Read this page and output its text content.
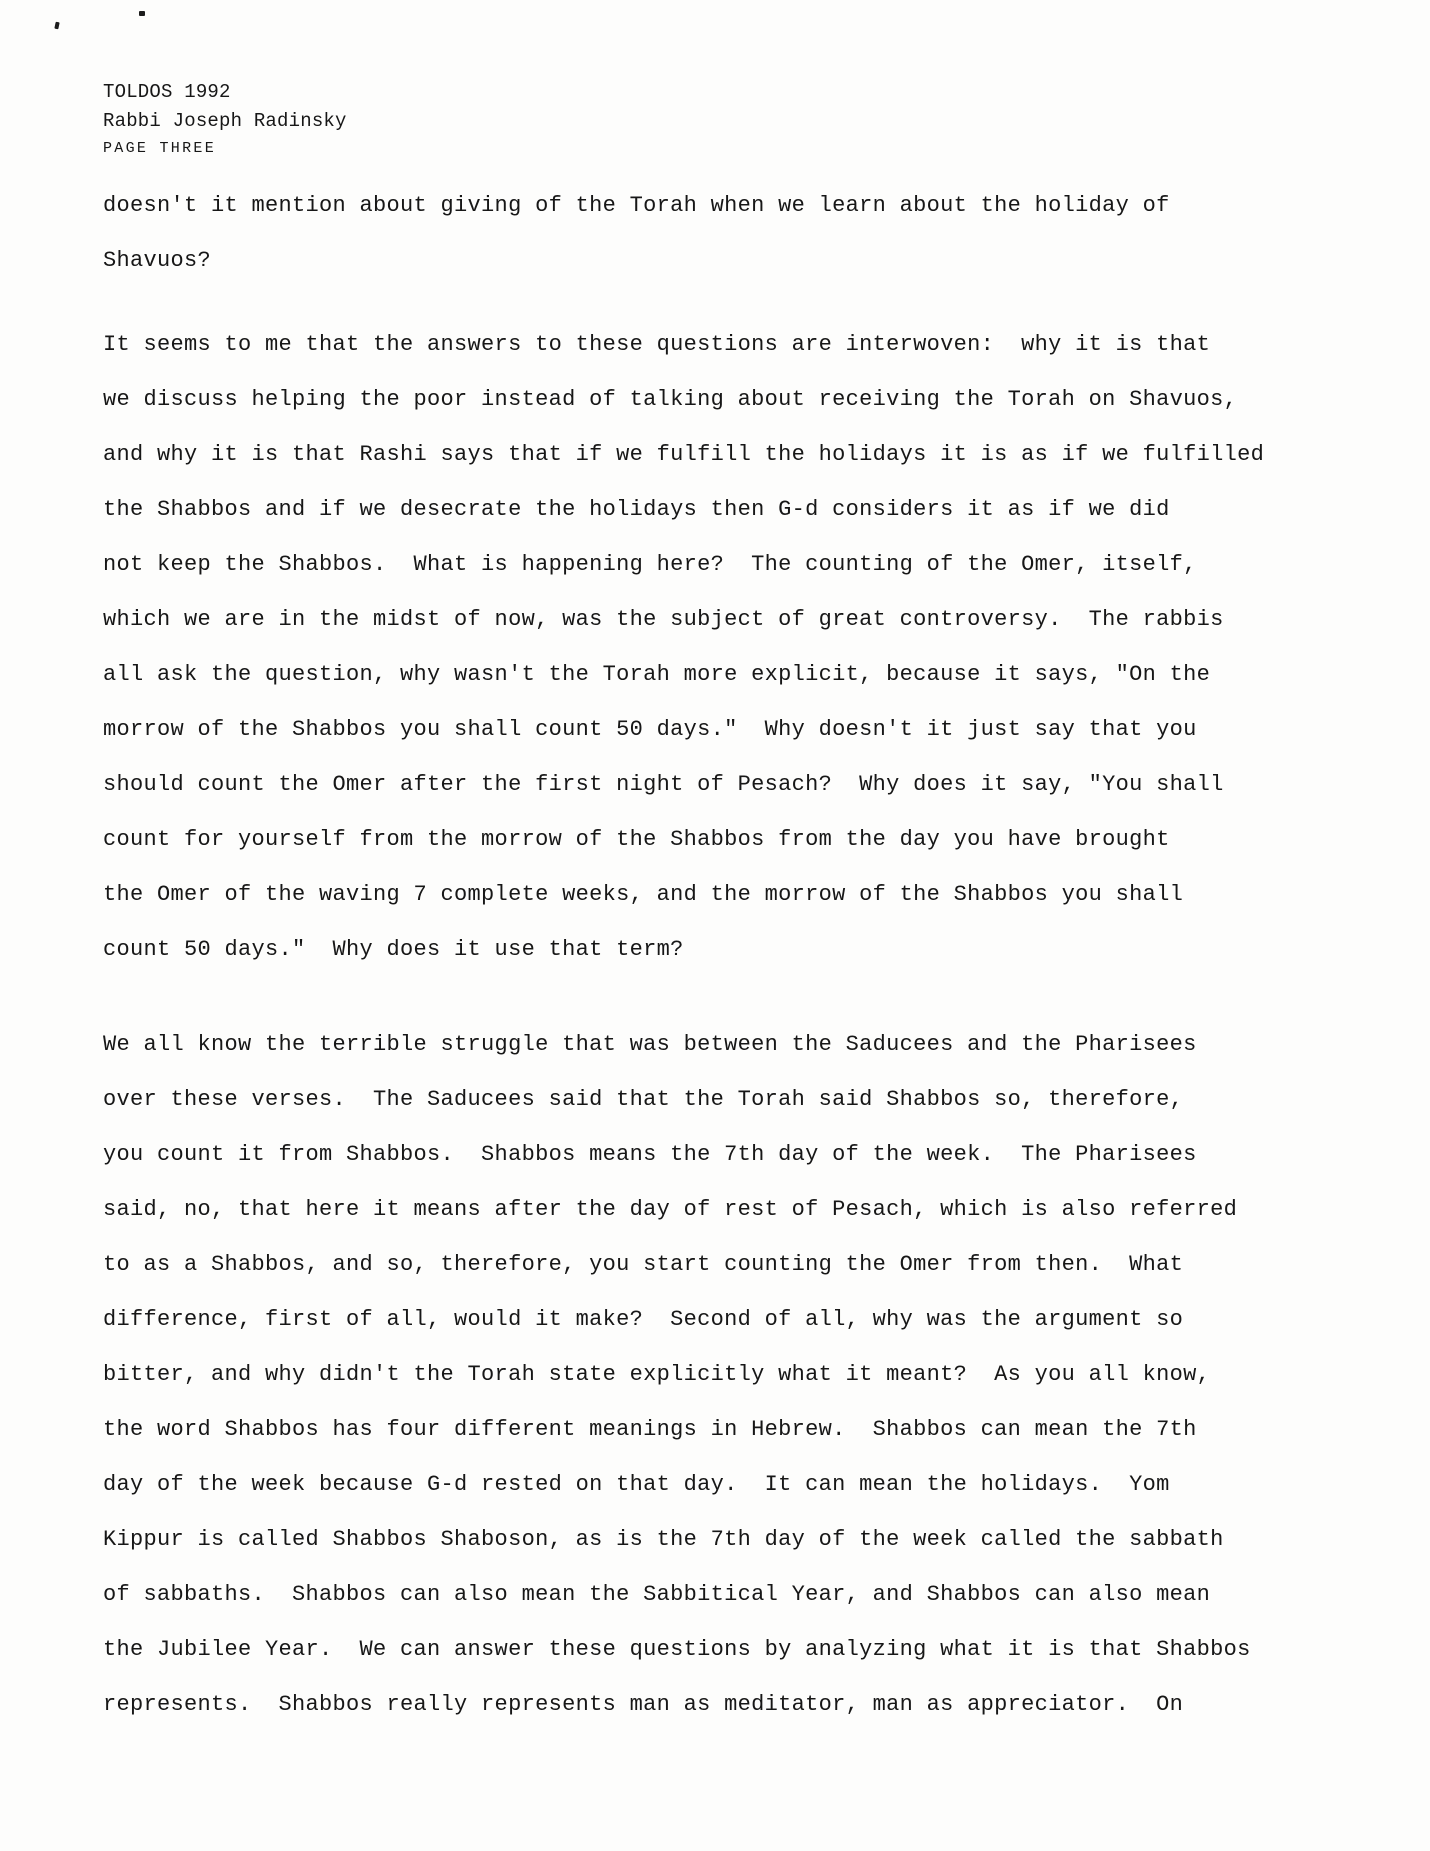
TOLDOS 1992
Rabbi Joseph Radinsky
PAGE THREE
doesn't it mention about giving of the Torah when we learn about the holiday of
Shavuos?
It seems to me that the answers to these questions are interwoven:  why it is that
we discuss helping the poor instead of talking about receiving the Torah on Shavuos,
and why it is that Rashi says that if we fulfill the holidays it is as if we fulfilled
the Shabbos and if we desecrate the holidays then G-d considers it as if we did
not keep the Shabbos.  What is happening here?  The counting of the Omer, itself,
which we are in the midst of now, was the subject of great controversy.  The rabbis
all ask the question, why wasn't the Torah more explicit, because it says, "On the
morrow of the Shabbos you shall count 50 days."  Why doesn't it just say that you
should count the Omer after the first night of Pesach?  Why does it say, "You shall
count for yourself from the morrow of the Shabbos from the day you have brought
the Omer of the waving 7 complete weeks, and the morrow of the Shabbos you shall
count 50 days."  Why does it use that term?
We all know the terrible struggle that was between the Saducees and the Pharisees
over these verses.  The Saducees said that the Torah said Shabbos so, therefore,
you count it from Shabbos.  Shabbos means the 7th day of the week.  The Pharisees
said, no, that here it means after the day of rest of Pesach, which is also referred
to as a Shabbos, and so, therefore, you start counting the Omer from then.  What
difference, first of all, would it make?  Second of all, why was the argument so
bitter, and why didn't the Torah state explicitly what it meant?  As you all know,
the word Shabbos has four different meanings in Hebrew.  Shabbos can mean the 7th
day of the week because G-d rested on that day.  It can mean the holidays.  Yom
Kippur is called Shabbos Shaboson, as is the 7th day of the week called the sabbath
of sabbaths.  Shabbos can also mean the Sabbitical Year, and Shabbos can also mean
the Jubilee Year.  We can answer these questions by analyzing what it is that Shabbos
represents.  Shabbos really represents man as meditator, man as appreciator.  On
